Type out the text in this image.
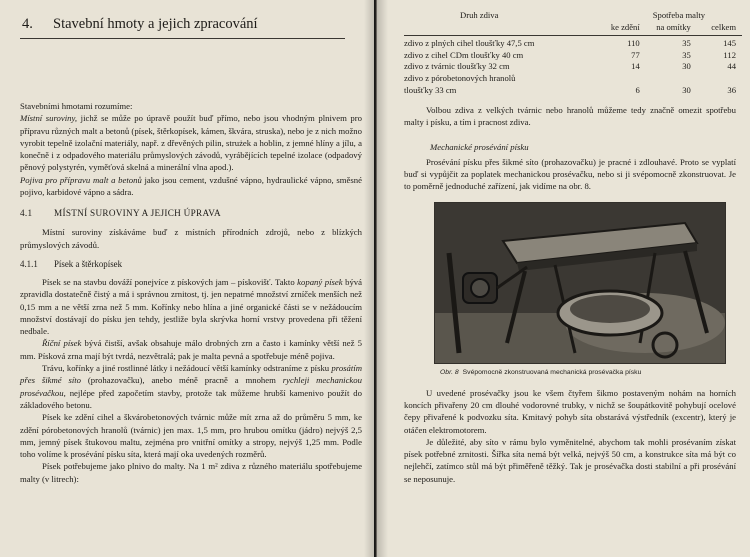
4.	Stavební hmoty a jejich zpracování

Stavebními hmotami rozumíme:

Místní suroviny, jichž se může po úpravě použít buď přímo, nebo jsou vhodným plnivem pro přípravu různých malt a betonů (písek, štěrkopísek, kámen, škvára, struska), nebo je z nich možno vyrobit tepelně izolační materiály, např. z dřevěných pilin, strużek a hoblin, z jemné hlíny a jílu, a konečně i z odpadového materiálu průmyslových závodů, vyrábějících tepelné izolace (odpadový pěnový polystyrén, vyměťová skelná a minerální vlna apod.).

Pojiva pro přípravu malt a betonů jako jsou cement, vzdušné vápno, hydraulické vápno, směsné pojivo, karbidové vápno a sádra.

4.1	MÍSTNÍ SUROVINY A JEJICH ÚPRAVA

Místní suroviny získáváme buď z místních přírodních zdrojů, nebo z blízkých průmyslových závodů.

4.1.1	Písek a štěrkopísek

Písek se na stavbu dováží ponejvíce z pískových jam – pískovišť. Takto kopaný písek bývá zpravidla dostatečně čistý a má i správnou zrnitost, tj. jen nepatrné množství zrníček menších než 0,15 mm a ne větší zrna než 5 mm. Kořínky nebo hlína a jiné organické části se v nežádoucím množství dostávají do písku jen tehdy, jestliže byla skrývka horní vrstvy provedena při těžení nedbale.

Říční písek bývá čistší, avšak obsahuje málo drobných zrn a často i kamínky větší než 5 mm. Písková zrna mají být tvrdá, nezvětralá; pak je malta pevná a spotřebuje méně pojiva.

Trávu, kořínky a jiné rostlinné látky i nežádoucí větší kamínky odstraníme z písku prosátím přes šikmé síto (prohazovačku), anebo méně pracně a mnohem rychleji mechanickou prosévačkou, nejlépe před započetím stavby, protože tak můžeme hrubší kamenivo použít do základového betonu.

Písek ke zdění cihel a škvárobetonových tvárnic může mít zrna až do průměru 5 mm, ke zdění pórobetonových hranolů (tvárnic) jen max. 1,5 mm, pro hrubou omítku (jádro) nejvýš 2,5 mm, jemný písek štukovou maltu, zejména pro vnitřní omítky a stropy, nejvýš 1,25 mm. Podle toho volíme k prosévání písku síta, která mají oka uvedených rozměrů.

Písek potřebujeme jako plnivo do malty. Na 1 m² zdiva z různého materiálu spotřebujeme malty (v litrech):

Druh zdiva	Spotřeba malty
ke zdění	na omítky	celkem
zdivo z plných cihel tloušťky 47,5 cm	110	35	145
zdivo z cihel CDm tloušťky 40 cm	77	35	112
zdivo z tvárnic tloušťky 32 cm	14	30	44
zdivo z pórobetonových hranolů
tloušťky 33 cm	6	30	36

Volbou zdiva z velkých tvárnic nebo hranolů můžeme tedy značně omezit spotřebu malty i písku, a tím i pracnost zdiva.

Mechanické prosévání písku

Prosévání písku přes šikmé síto (prohazovačku) je pracné i zdlouhavé. Proto se vyplatí buď si vypůjčit za poplatek mechanickou prosévačku, nebo si ji svépomocně zkonstruovat. Je to poměrně jednoduché zařízení, jak vidíme na obr. 8.

Obr. 8 Svépomocně zkonstruovaná mechanická prosévačka písku

U uvedené prosévačky jsou ke všem čtyřem šikmo postaveným nohám na horních koncích přivařeny 20 cm dlouhé vodorovné trubky, v nichž se šoupátkovitě pohybují ocelové čepy přivařené k podvozku síta. Kmitavý pohyb síta obstarává výstředník (excentr), který je otáčen elektromotorem.

Je důležité, aby síto v rámu bylo vyměnitelné, abychom tak mohli prosévaním získat písek potřebné zrnitosti. Šířka síta nemá být velká, nejvýš 50 cm, a konstrukce síta má být co nejlehčí, zatímco stůl má být přiměřeně těžký. Tak je prosévačka dosti stabilní a při prosévání se neposunuje.
